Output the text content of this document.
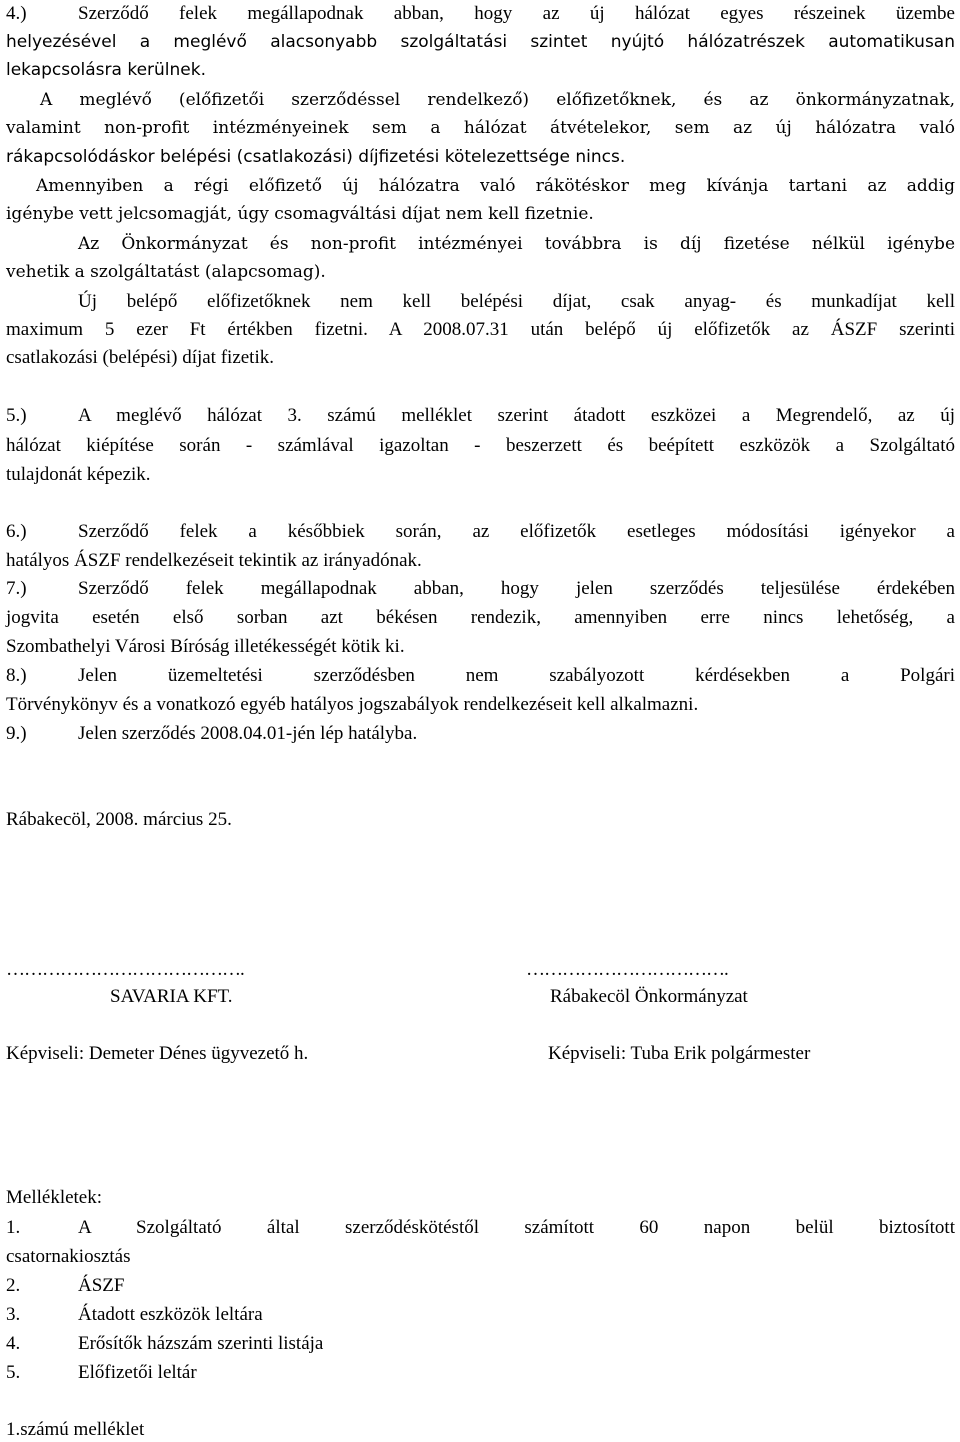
4.)	Szerződő felek megállapodnak abban, hogy az új hálózat egyes részeinek üzembe
helyezésével a meglévő alacsonyabb szolgáltatási szintet nyújtó hálózatrészek automatikusan
lekapcsolásra kerülnek.
A meglévő (előfizetői szerződéssel rendelkező) előfizetőknek, és az önkormányzatnak,
valamint non-profit intézményeinek sem a hálózat átvételekor, sem az új hálózatra való
rákapcsolódáskor belépési (csatlakozási) díjfizetési kötelezettsége nincs.
Amennyiben a régi előfizető új hálózatra való rákötéskor meg kívánja tartani az addig
igénybe vett jelcsomagját, úgy csomagváltási díjat nem kell fizetnie.
Az Önkormányzat és non-profit intézményei továbbra is díj fizetése nélkül igénybe
vehetik a szolgáltatást (alapcsomag).
Új belépő előfizetőknek nem kell belépési díjat, csak anyag- és munkadíjat kell
maximum 5 ezer Ft értékben fizetni. A 2008.07.31 után belépő új előfizetők az ÁSZF szerinti
csatlakozási (belépési) díjat fizetik.
5.)	A meglévő hálózat 3. számú melléklet szerint átadott eszközei a Megrendelő, az új
hálózat kiépítése során - számlával igazoltan - beszerzett és beépített eszközök a Szolgáltató
tulajdonát képezik.
6.)	Szerződő felek a későbbiek során, az előfizetők esetleges módosítási igényekor a
hatályos ÁSZF rendelkezéseit tekintik az irányadónak.
7.)	Szerződő felek megállapodnak abban, hogy jelen szerződés teljesülése érdekében
jogvita esetén első sorban azt békésen rendezik, amennyiben erre nincs lehetőség, a
Szombathelyi Városi Bíróság illetékességét kötik ki.
8.)	Jelen üzemeltetési szerződésben nem szabályozott kérdésekben a Polgári
Törvénykönyv és a vonatkozó egyéb hatályos jogszabályok rendelkezéseit kell alkalmazni.
9.)	Jelen szerződés 2008.04.01-jén lép hatályba.
Rábakecöl, 2008. március 25.
………………………………….	…………………………….
SAVARIA KFT.	Rábakecöl Önkormányzat
Képviseli: Demeter Dénes ügyvezető h.	Képviseli: Tuba Erik polgármester
Mellékletek:
1.	A Szolgáltató által szerződéskötéstől számított 60 napon belül biztosított
csatornakiosztás
2.	ÁSZF
3.	Átadott eszközök leltára
4.	Erősítők házszám szerinti listája
5.	Előfizetői leltár
1.számú melléklet
